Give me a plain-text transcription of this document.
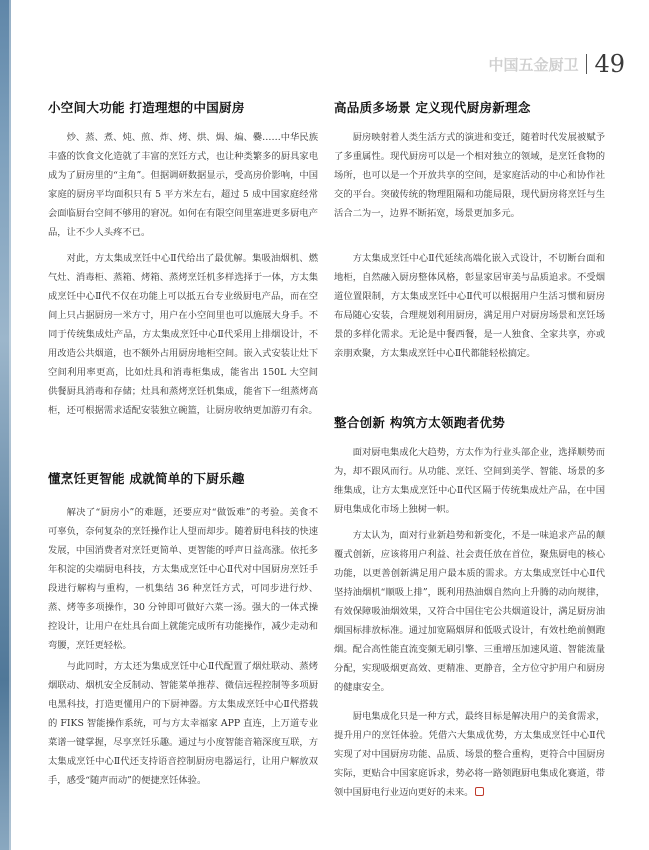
中国五金厨卫 49
小空间大功能 打造理想的中国厨房

炒、蒸、煮、炖、煎、炸、烤、烘、焗、煸、爨……中华民族丰盛的饮食文化造就了丰富的烹饪方式，也让种类繁多的厨具家电成为了厨房里的“主角”。但据调研数据显示，受高房价影响，中国家庭的厨房平均面积只有 5 平方米左右，超过 5 成中国家庭经常会面临厨台空间不够用的窘况。如何在有限空间里塞进更多厨电产品，让不少人头疼不已。

对此，方太集成烹饪中心Ⅱ代给出了最优解。集吸油烟机、燃气灶、消毒柜、蒸箱、烤箱、蒸烤烹饪机多样选择于一体，方太集成烹饪中心Ⅱ代不仅在功能上可以抵五台专业级厨电产品，而在空间上只占据厨房一米方寸，用户在小空间里也可以施展大身手。不同于传统集成灶产品，方太集成烹饪中心Ⅱ代采用上排烟设计，不用改造公共烟道，也不额外占用厨房地柜空间。嵌入式安装让灶下空间利用率更高，比如灶具和消毒柜集成，能省出 150L 大空间供餐厨具消毒和存储；灶具和蒸烤烹饪机集成，能省下一组蒸烤高柜，还可根据需求适配安装独立碗篮，让厨房收纳更加游刃有余。

懂烹饪更智能 成就简单的下厨乐趣

解决了“厨房小”的难题，还要应对“做饭难”的考验。美食不可辜负，奈何复杂的烹饪操作让人望而却步。随着厨电科技的快速发展，中国消费者对烹饪更简单、更智能的呼声日益高涨。依托多年积淀的尖端厨电科技，方太集成烹饪中心Ⅱ代对中国厨房烹饪手段进行解构与重构，一机集结 36 种烹饪方式，可同步进行炒、蒸、烤等多项操作，30 分钟即可做好六菜一汤。强大的一体式操控设计，让用户在灶具台面上就能完成所有功能操作，减少走动和弯腰，烹饪更轻松。

与此同时，方太还为集成烹饪中心Ⅱ代配置了烟灶联动、蒸烤烟联动、烟机安全反制动、智能菜单推荐、微信远程控制等多项厨电黑科技，打造更懂用户的下厨神器。方太集成烹饪中心Ⅱ代搭载的 FIKS 智能操作系统，可与方太幸福家 APP 直连，上万道专业菜谱一键掌握，尽享烹饪乐趣。通过与小度智能音箱深度互联，方太集成烹饪中心Ⅱ代还支持语音控制厨房电器运行，让用户解放双手，感受“随声而动”的便捷烹饪体验。

高品质多场景 定义现代厨房新理念

厨房映射着人类生活方式的演进和变迁，随着时代发展被赋予了多重属性。现代厨房可以是一个相对独立的领域，是烹饪食物的场所，也可以是一个开放共享的空间，是家庭活动的中心和协作社交的平台。突破传统的物理阻隔和功能局限，现代厨房将烹饪与生活合二为一，边界不断拓宽，场景更加多元。

方太集成烹饪中心Ⅱ代延续高端化嵌入式设计，不切断台面和地柜，自然融入厨房整体风格，彰显家居审美与品质追求。不受烟道位置限制，方太集成烹饪中心Ⅱ代可以根据用户生活习惯和厨房布局随心安装，合理规划利用厨房，满足用户对厨房场景和烹饪场景的多样化需求。无论是中餐西餐，是一人独食、全家共享，亦或亲朋欢聚，方太集成烹饪中心Ⅱ代都能轻松搞定。

整合创新 构筑方太领跑者优势

面对厨电集成化大趋势，方太作为行业头部企业，选择顺势而为，却不跟风而行。从功能、烹饪、空间到美学、智能、场景的多维集成，让方太集成烹饪中心Ⅱ代区隔于传统集成灶产品，在中国厨电集成化市场上独树一帜。

方太认为，面对行业新趋势和新变化，不是一味追求产品的颠覆式创新，应该将用户利益、社会责任放在首位，聚焦厨电的核心功能，以更善创新满足用户最本质的需求。方太集成烹饪中心Ⅱ代坚持油烟机“顺吸上排”，既利用热油烟自然向上升腾的动向规律，有效保障吸油烟效果，又符合中国住宅公共烟道设计，满足厨房油烟国标排放标准。通过加宽隔烟屏和低吸式设计，有效杜绝前侧跑烟。配合高性能直流变频无刷引擎、三重增压加速风道、智能流量分配，实现吸烟更高效、更精准、更静音，全方位守护用户和厨房的健康安全。

厨电集成化只是一种方式，最终目标是解决用户的美食需求，提升用户的烹饪体验。凭借六大集成优势，方太集成烹饪中心Ⅱ代实现了对中国厨房功能、品质、场景的整合重构，更符合中国厨房实际，更贴合中国家庭诉求，势必将一路领跑厨电集成化赛道，带领中国厨电行业迈向更好的未来。
